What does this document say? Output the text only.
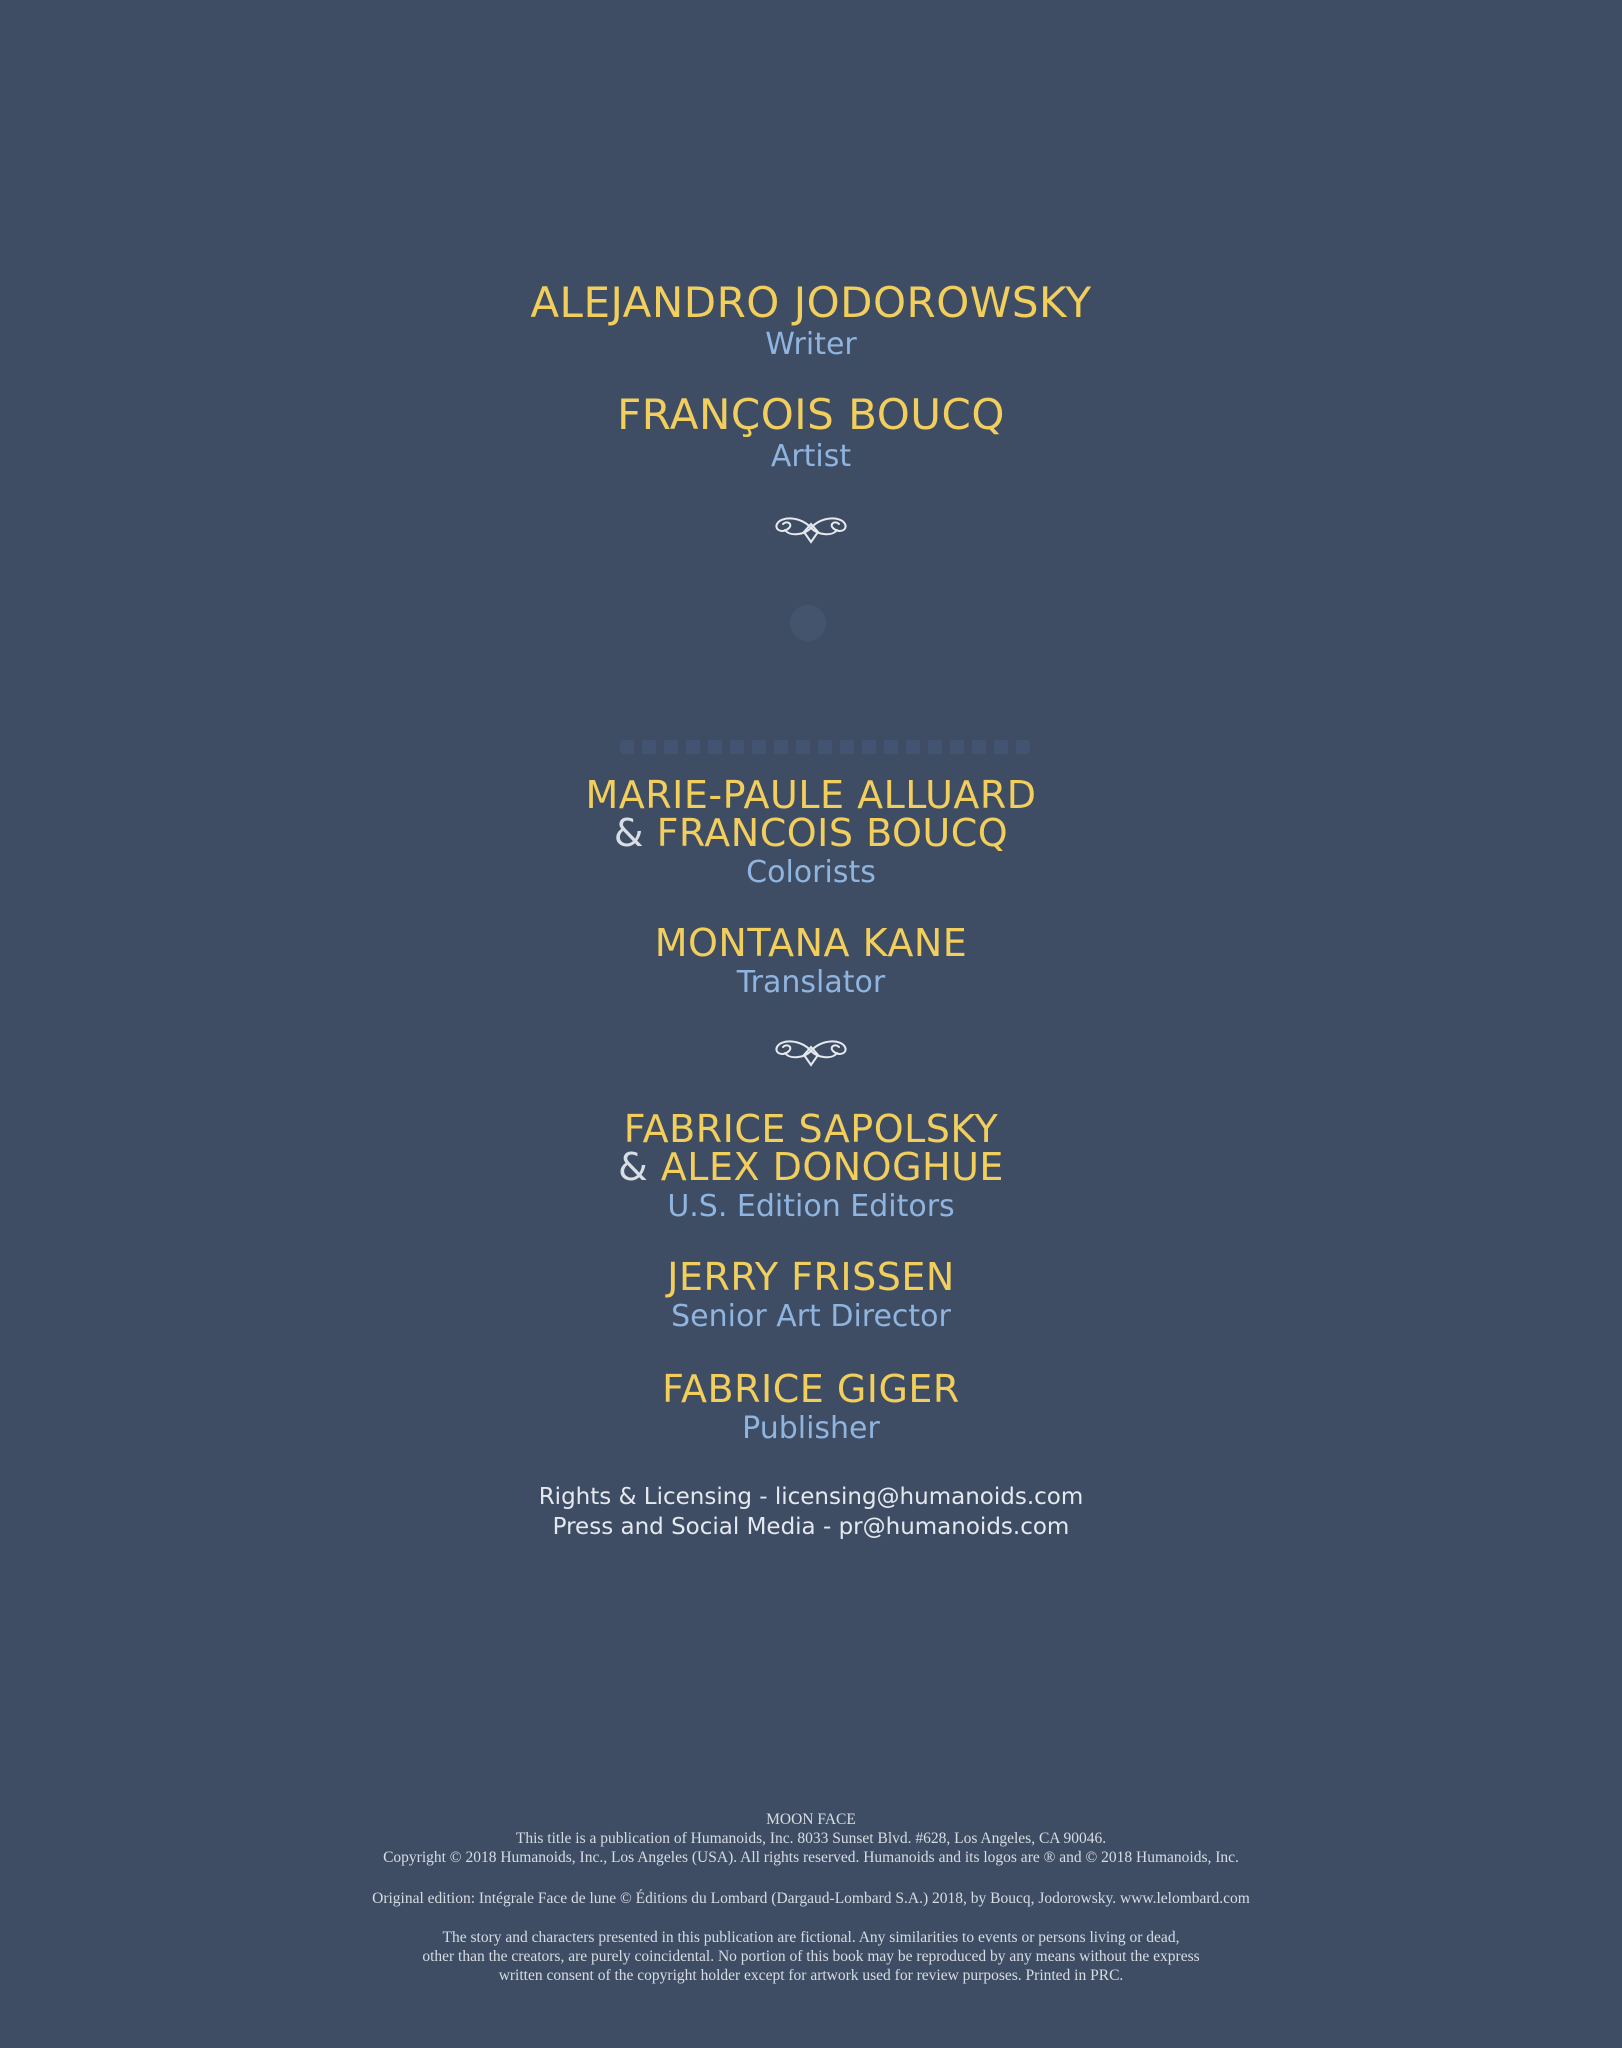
ALEJANDRO JODOROWSKY
Writer
FRANÇOIS BOUCQ
Artist
MARIE-PAULE ALLUARD
& FRANCOIS BOUCQ
Colorists
MONTANA KANE
Translator
FABRICE SAPOLSKY
& ALEX DONOGHUE
U.S. Edition Editors
JERRY FRISSEN
Senior Art Director
FABRICE GIGER
Publisher
Rights & Licensing - licensing@humanoids.com
Press and Social Media - pr@humanoids.com
MOON FACE
This title is a publication of Humanoids, Inc. 8033 Sunset Blvd. #628, Los Angeles, CA 90046.
Copyright © 2018 Humanoids, Inc., Los Angeles (USA). All rights reserved. Humanoids and its logos are ® and © 2018 Humanoids, Inc.
Original edition: Intégrale Face de lune © Éditions du Lombard (Dargaud-Lombard S.A.) 2018, by Boucq, Jodorowsky. www.lelombard.com
The story and characters presented in this publication are fictional. Any similarities to events or persons living or dead,
other than the creators, are purely coincidental. No portion of this book may be reproduced by any means without the express
written consent of the copyright holder except for artwork used for review purposes. Printed in PRC.
